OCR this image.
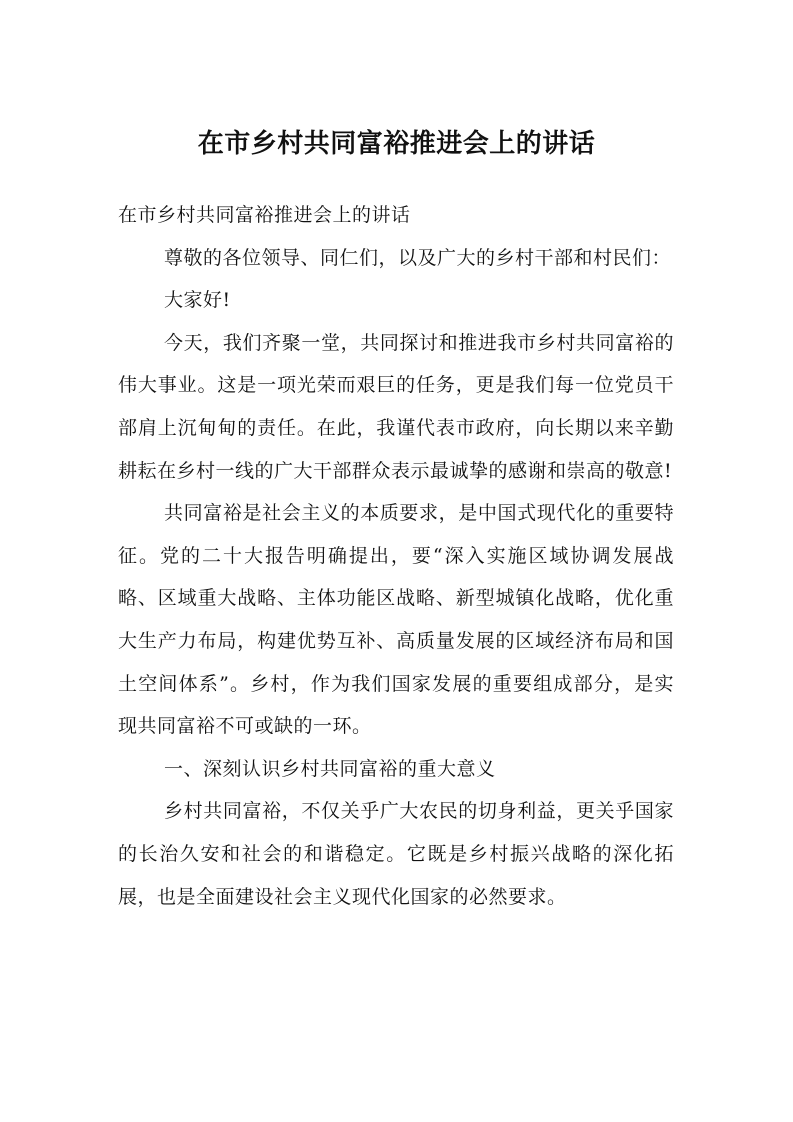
在市乡村共同富裕推进会上的讲话

在市乡村共同富裕推进会上的讲话

尊敬的各位领导、同仁们，以及广大的乡村干部和村民们：

大家好!

今天，我们齐聚一堂，共同探讨和推进我市乡村共同富裕的伟大事业。这是一项光荣而艰巨的任务，更是我们每一位党员干部肩上沉甸甸的责任。在此，我谨代表市政府，向长期以来辛勤耕耘在乡村一线的广大干部群众表示最诚挚的感谢和崇高的敬意!

共同富裕是社会主义的本质要求，是中国式现代化的重要特征。党的二十大报告明确提出，要“深入实施区域协调发展战略、区域重大战略、主体功能区战略、新型城镇化战略，优化重大生产力布局，构建优势互补、高质量发展的区域经济布局和国土空间体系”。乡村，作为我们国家发展的重要组成部分，是实现共同富裕不可或缺的一环。

一、深刻认识乡村共同富裕的重大意义

乡村共同富裕，不仅关乎广大农民的切身利益，更关乎国家的长治久安和社会的和谐稳定。它既是乡村振兴战略的深化拓展，也是全面建设社会主义现代化国家的必然要求。
